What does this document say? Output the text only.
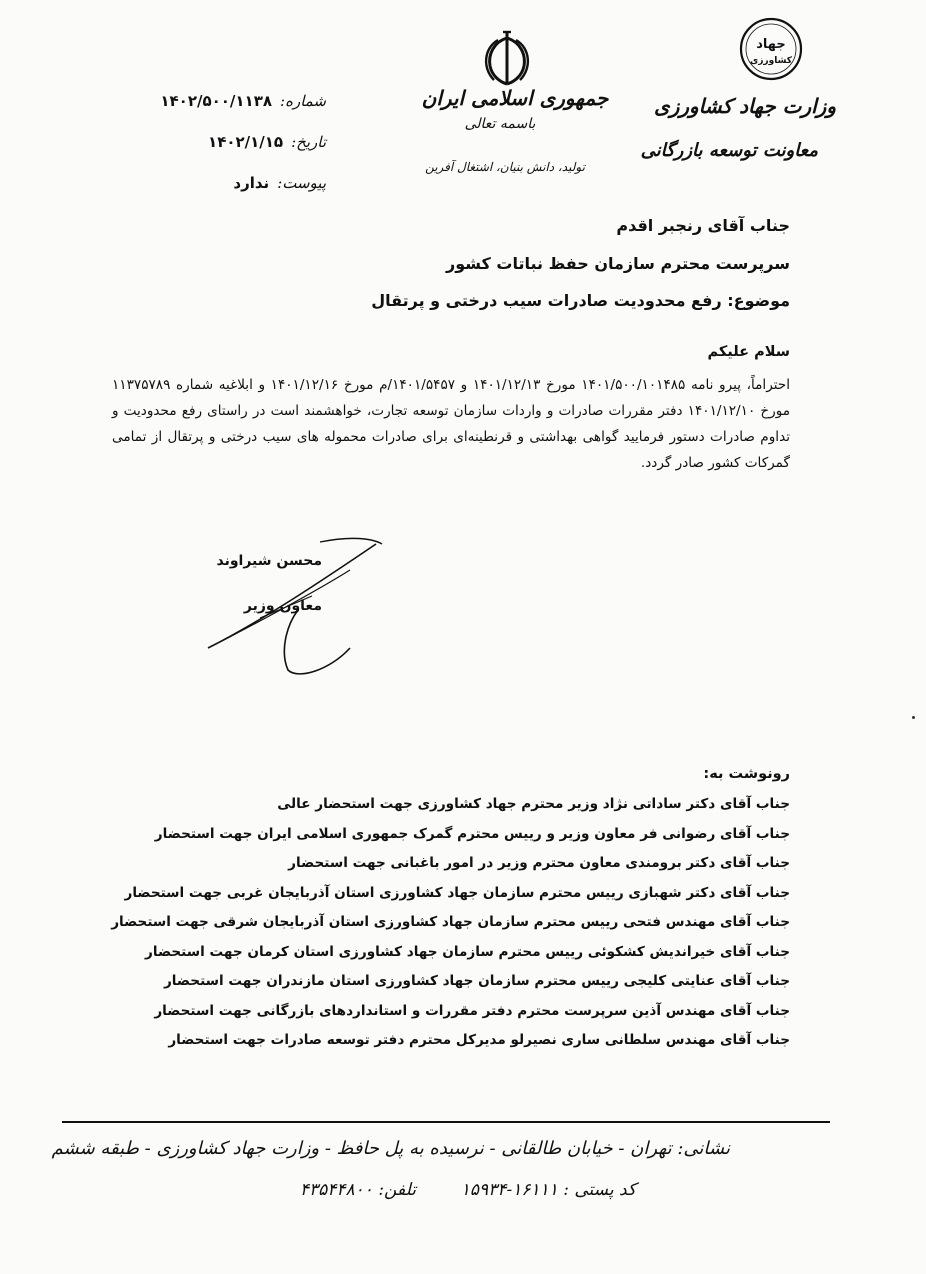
جهاد
کشاورزی
وزارت جهاد کشاورزی
معاونت توسعه بازرگانی
جمهوری اسلامی ایران
باسمه تعالی
تولید، دانش بنیان، اشتغال آفرین
شماره:۱۴۰۲/۵۰۰/۱۱۳۸
تاریخ:۱۴۰۲/۱/۱۵
پیوست:ندارد
جناب آقای رنجبر اقدم
سرپرست محترم سازمان حفظ نباتات کشور
موضوع: رفع محدودیت صادرات سیب درختی و پرتقال
سلام علیکم
احتراماً، پیرو نامه ۱۴۰۱/۵۰۰/۱۰۱۴۸۵ مورخ ۱۴۰۱/۱۲/۱۳ و ۱۴۰۱/۵۴۵۷/م مورخ ۱۴۰۱/۱۲/۱۶ و ابلاغیه شماره ۱۱۳۷۵۷۸۹ مورخ ۱۴۰۱/۱۲/۱۰ دفتر مقررات صادرات و واردات سازمان توسعه تجارت، خواهشمند است در راستای رفع محدودیت و تداوم صادرات دستور فرمایید گواهی بهداشتی و قرنطینه‌ای برای صادرات محموله های سیب درختی و پرتقال از تمامی گمرکات کشور صادر گردد.
محسن شیراوند
معاون وزیر
رونوشت به:
جناب آقای دکتر ساداتی نژاد وزیر محترم جهاد کشاورزی جهت استحضار عالی
جناب آقای رضوانی فر معاون وزیر و رییس محترم گمرک جمهوری اسلامی ایران جهت استحضار
جناب آقای دکتر برومندی معاون محترم وزیر در امور باغبانی جهت استحضار
جناب آقای دکتر شهبازی رییس محترم سازمان جهاد کشاورزی استان آذربایجان غربی جهت استحضار
جناب آقای مهندس فتحی رییس محترم سازمان جهاد کشاورزی استان آذربایجان شرقی جهت استحضار
جناب آقای خیراندیش کشکوئی رییس محترم سازمان جهاد کشاورزی استان کرمان جهت استحضار
جناب آقای عنایتی کلیجی رییس محترم سازمان جهاد کشاورزی استان مازندران جهت استحضار
جناب آقای مهندس آذین سرپرست محترم دفتر مقررات و استانداردهای بازرگانی جهت استحضار
جناب آقای مهندس سلطانی ساری نصیرلو مدیرکل محترم دفتر توسعه صادرات جهت استحضار
نشانی: تهران - خیابان طالقانی - نرسیده به پل حافظ - وزارت جهاد کشاورزی - طبقه ششم
کد پستی : ۱۶۱۱۱-۱۵۹۳۴  تلفن: ۴۳۵۴۴۸۰۰
